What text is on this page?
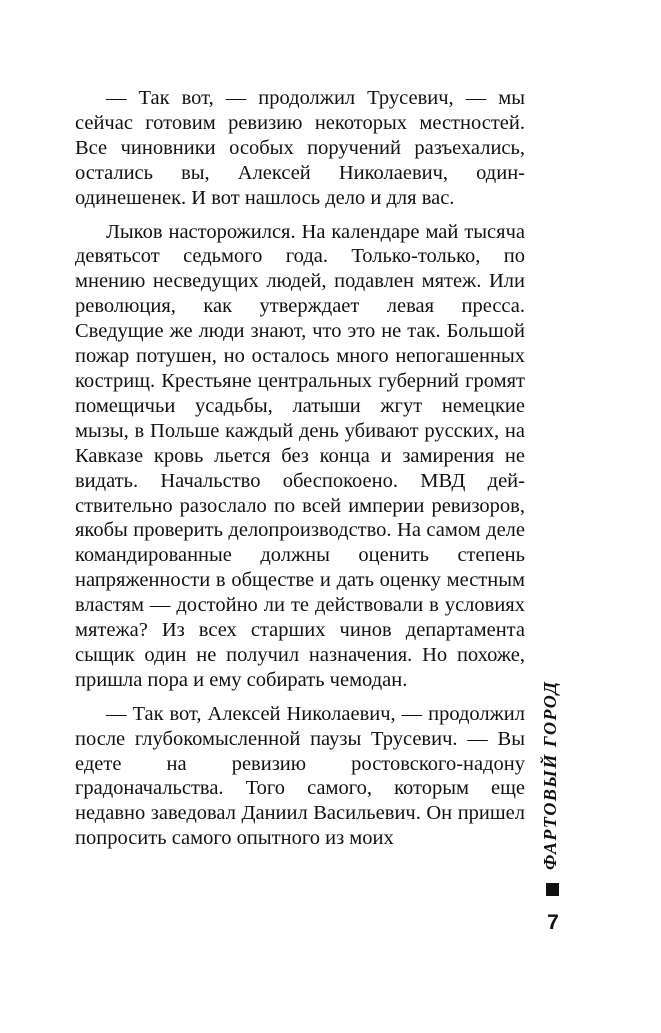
— Так вот, — продолжил Трусевич, — мы сейчас готовим ревизию некоторых местностей. Все чиновники особых поручений разъехались, остались вы, Алексей Николаевич, один-одинешенек. И вот нашлось дело и для вас.

Лыков насторожился. На календаре май тысяча девятьсот седьмого года. Только-только, по мнению несведущих людей, подавлен мятеж. Или революция, как утверждает левая пресса. Сведущие же люди знают, что это не так. Большой пожар потушен, но осталось много непогашенных кострищ. Крестьяне центральных губерний громят помещичьи усадьбы, латыши жгут немецкие мызы, в Польше каждый день убивают русских, на Кавказе кровь льется без конца и замирения не видать. Начальство обеспокоено. МВД действительно разослало по всей империи ревизоров, якобы проверить делопроизводство. На самом деле командированные должны оценить степень напряженности в обществе и дать оценку местным властям — достойно ли те действовали в условиях мятежа? Из всех старших чинов департамента сыщик один не получил назначения. Но похоже, пришла пора и ему собирать чемодан.

— Так вот, Алексей Николаевич, — продолжил после глубокомысленной паузы Трусевич. — Вы едете на ревизию ростовского-надону градоначальства. Того самого, которым еще недавно заведовал Даниил Васильевич. Он пришел попросить самого опытного из моих	ФАРТОВЫЙ ГОРОД
7
